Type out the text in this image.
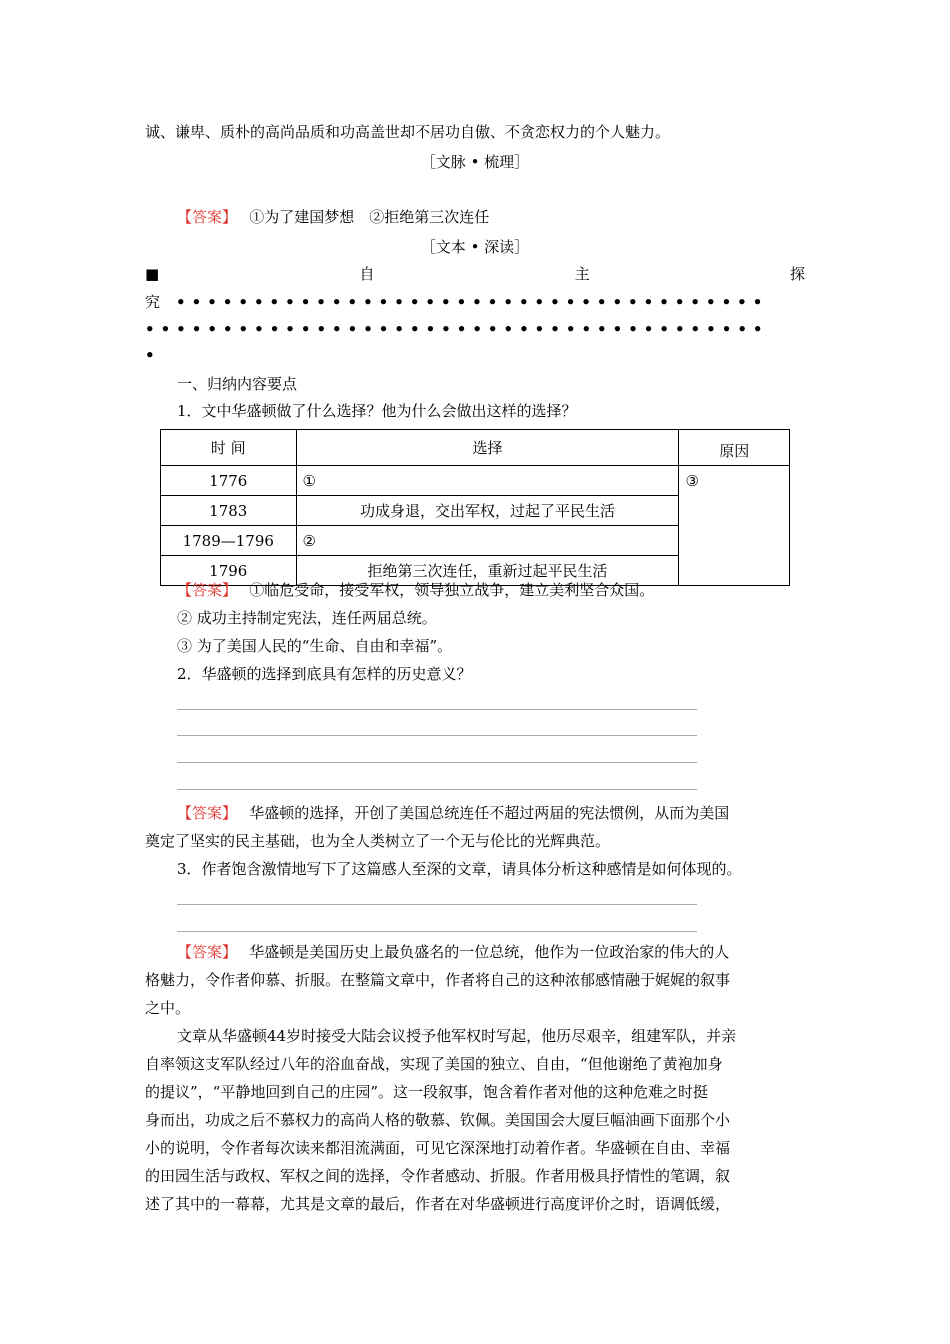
诚、谦卑、质朴的高尚品质和功高盖世却不居功自傲、不贪恋权力的个人魅力。
［文脉 • 梳理］
【答案】　 ①为了建国梦想　②拒绝第三次连任
［文本 • 深读］
■	自	主	探
究  ••••••••••••••••••••••••••••••••••••••
••••••••••••••••••••••••••••••••••••••••
•
一、归纳内容要点
1．文中华盛顿做了什么选择？他为什么会做出这样的选择？
时 间	选择	原因
1776	①	③
1783	功成身退，交出军权，过起了平民生活	
1789—1796	②	
1796	拒绝第三次连任，重新过起平民生活	
【答案】　 ①临危受命，接受军权，领导独立战争，建立美利坚合众国。
② 成功主持制定宪法，连任两届总统。
③ 为了美国人民的“生命、自由和幸福”。
2．华盛顿的选择到底具有怎样的历史意义？
【答案】　 华盛顿的选择，开创了美国总统连任不超过两届的宪法惯例，从而为美国
奠定了坚实的民主基础，也为全人类树立了一个无与伦比的光辉典范。
3．作者饱含激情地写下了这篇感人至深的文章，请具体分析这种感情是如何体现的。
【答案】　 华盛顿是美国历史上最负盛名的一位总统，他作为一位政治家的伟大的人
格魅力，令作者仰慕、折服。在整篇文章中，作者将自己的这种浓郁感情融于娓娓的叙事
之中。
文章从华盛顿44岁时接受大陆会议授予他军权时写起，他历尽艰辛，组建军队，并亲
自率领这支军队经过八年的浴血奋战，实现了美国的独立、自由，“但他谢绝了黄袍加身
的提议”，“平静地回到自己的庄园”。这一段叙事，饱含着作者对他的这种危难之时挺
身而出，功成之后不慕权力的高尚人格的敬慕、钦佩。美国国会大厦巨幅油画下面那个小
小的说明，令作者每次读来都泪流满面，可见它深深地打动着作者。华盛顿在自由、幸福
的田园生活与政权、军权之间的选择，令作者感动、折服。作者用极具抒情性的笔调，叙
述了其中的一幕幕，尤其是文章的最后，作者在对华盛顿进行高度评价之时，语调低缓，
